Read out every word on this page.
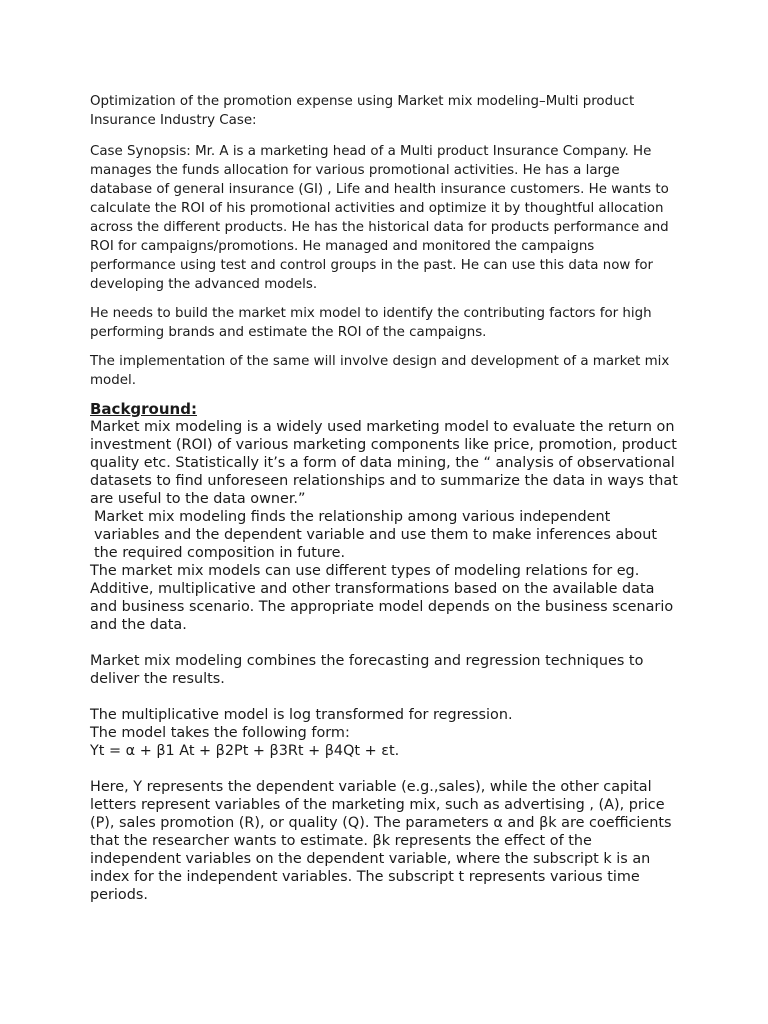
Optimization of the promotion expense using Market mix modeling–Multi product Insurance Industry Case:

Case Synopsis: Mr. A is a marketing head of a Multi product Insurance Company. He manages the funds allocation for various promotional activities. He has a large database of general insurance (GI) , Life and health insurance customers. He wants to calculate the ROI of his promotional activities and optimize it by thoughtful allocation across the different products. He has the historical data for products performance and ROI for campaigns/promotions. He managed and monitored the campaigns performance using test and control groups in the past. He can use this data now for developing the advanced models.

He needs to build the market mix model to identify the contributing factors for high performing brands and estimate the ROI of the campaigns.

The implementation of the same will involve design and development of a market mix model.

Background:

Market mix modeling is a widely used marketing model to evaluate the return on investment (ROI) of various marketing components like price, promotion, product quality etc. Statistically it’s a form of data mining, the “ analysis of observational datasets to find unforeseen relationships and to summarize the data in ways that are useful to the data owner.”

Market mix modeling finds the relationship among various independent variables and the dependent variable and use them to make inferences about the required composition in future.

The market mix models can use different types of modeling relations for eg. Additive, multiplicative and other transformations based on the available data and business scenario. The appropriate model depends on the business scenario and the data.

Market mix modeling combines the forecasting and regression techniques to deliver the results.

The multiplicative model is log transformed for regression.

The model takes the following form:

Yt = α + β1 At + β2Pt + β3Rt + β4Qt + εt.

Here, Y represents the dependent variable (e.g.,sales), while the other capital letters represent variables of the marketing mix, such as advertising , (A), price (P), sales promotion (R), or quality (Q). The parameters α and βk are coefficients that the researcher wants to estimate. βk represents the effect of the independent variables on the dependent variable, where the subscript k is an index for the independent variables. The subscript t represents various time periods.
